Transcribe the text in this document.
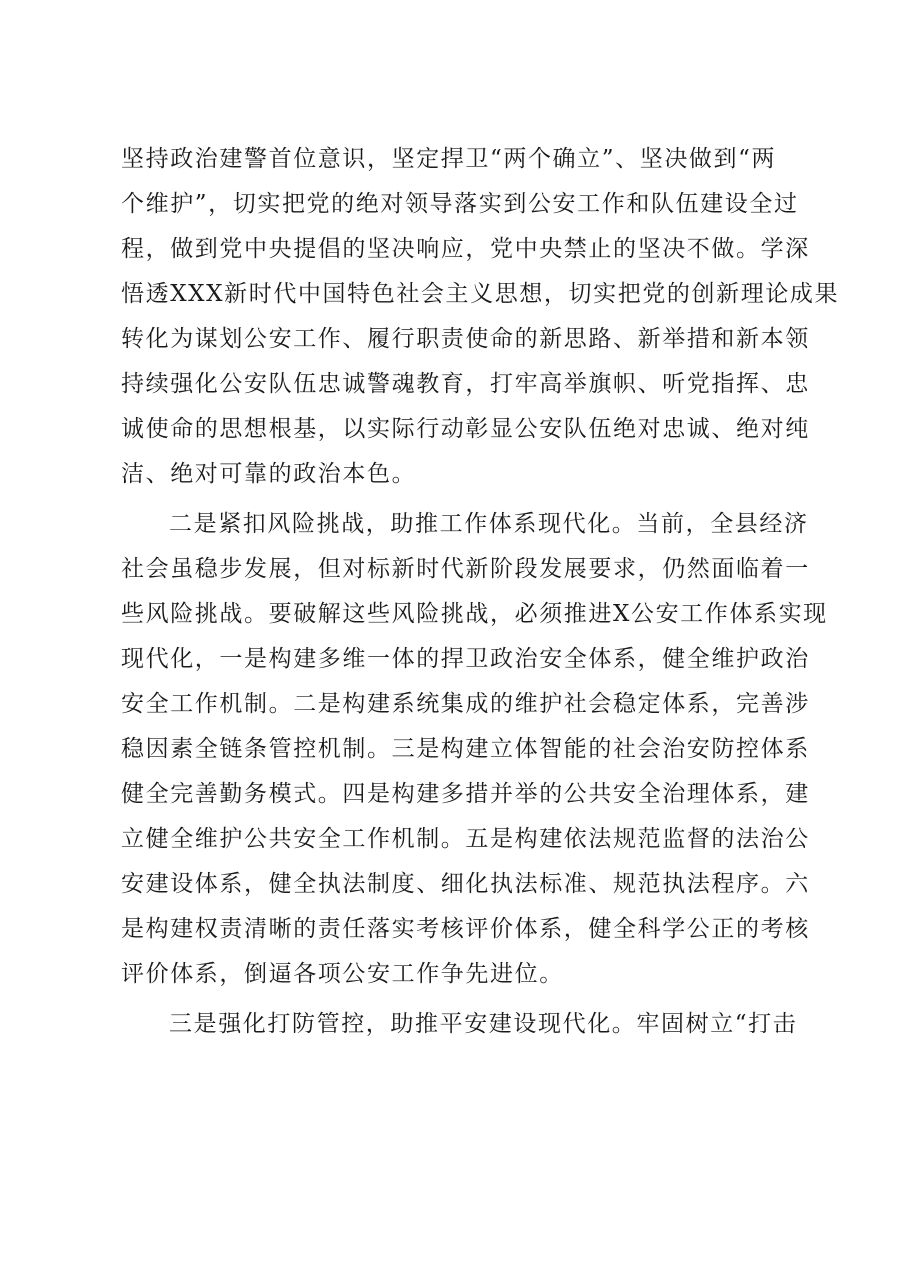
坚持政治建警首位意识，坚定捍卫“两个确立”、坚决做到“两
个维护”，切实把党的绝对领导落实到公安工作和队伍建设全过
程，做到党中央提倡的坚决响应，党中央禁止的坚决不做。学深
悟透XXX新时代中国特色社会主义思想，切实把党的创新理论成果
转化为谋划公安工作、履行职责使命的新思路、新举措和新本领
持续强化公安队伍忠诚警魂教育，打牢高举旗帜、听党指挥、忠
诚使命的思想根基，以实际行动彰显公安队伍绝对忠诚、绝对纯
洁、绝对可靠的政治本色。
二是紧扣风险挑战，助推工作体系现代化。当前，全县经济
社会虽稳步发展，但对标新时代新阶段发展要求，仍然面临着一
些风险挑战。要破解这些风险挑战，必须推进X公安工作体系实现
现代化，一是构建多维一体的捍卫政治安全体系，健全维护政治
安全工作机制。二是构建系统集成的维护社会稳定体系，完善涉
稳因素全链条管控机制。三是构建立体智能的社会治安防控体系
健全完善勤务模式。四是构建多措并举的公共安全治理体系，建
立健全维护公共安全工作机制。五是构建依法规范监督的法治公
安建设体系，健全执法制度、细化执法标准、规范执法程序。六
是构建权责清晰的责任落实考核评价体系，健全科学公正的考核
评价体系，倒逼各项公安工作争先进位。
三是强化打防管控，助推平安建设现代化。牢固树立“打击
